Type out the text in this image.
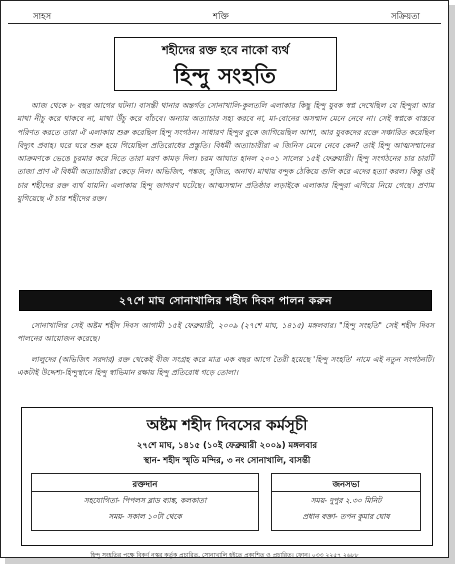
সাহস	শক্তি	সক্রিয়তা
শহীদের রক্ত হবে নাকো ব্যর্থ
হিন্দু সংহতি
আজ থেকে ৮ বছর আগের ঘটনা। বাসন্তী থানার অন্তর্গত সোনাখালি-কুলতলি এলাকার কিছু হিন্দু যুবক স্বপ্ন দেখেছিল যে হিন্দুরা আর মাথা নীচু করে থাকবে না, মাথা উঁচু করে বাঁচবে। অন্যায় অত্যাচার সহ্য করবে না, মা-বোনের অসম্মান মেনে নেবে না। সেই স্বপ্নকে বাস্তবে পরিণত করতে তারা ঐ এলাকায় শুরু করেছিল হিন্দু সংগঠন। সাধারণ হিন্দুর বুকে জাগিয়েছিল আশা, আর যুবকদের রক্তে সঞ্চারিত করেছিল বিদ্যুৎ প্রবাহ। ঘরে ঘরে শুরু হয়ে গিয়েছিল প্রতিরোধের প্রস্তুতি। বিধর্মী অত্যাচারীরা এ জিনিস মেনে নেবে কেন? তাই হিন্দু আত্মসম্মানের আক্রমণকে ভেঙে চুরমার করে দিতে তারা মরণ কামড় দিল। চরম আঘাত হানল ২০০১ সালের ১৫ই ফেব্রুয়ারী। হিন্দু সংগঠনের চার চারটি তাজা প্রাণ ঐ বিধর্মী অত্যাচারীরা কেড়ে নিল। অভিজিৎ, পঙ্কজ, সুজিত, অনাথ। মাথায় বন্দুক ঠেকিয়ে গুলি করে এদের হত্যা করল। কিন্তু ওই চার শহীদের রক্ত ব্যর্থ যায়নি। এলাকায় হিন্দু জাগরণ ঘটেছে। আত্মসম্মান প্রতিষ্ঠার লড়াইকে এলাকার হিন্দুরা এগিয়ে নিয়ে গেছে। প্রণাম যুগিয়েছে ঐ চার শহীদের রক্ত।
২৭শে মাঘ সোনাখালির শহীদ দিবস পালন করুন
সোনাখালির সেই অষ্টম শহীদ দিবস আগামী ১৫ই ফেব্রুয়ারী, ২০০৯ (২৭শে মাঘ, ১৪১৫) মঙ্গলবার। "হিন্দু সংহতি" সেই শহীদ দিবস পালনের আয়োজন করেছে।
লালুদের (অভিজিৎ সরদার) রক্ত থেকেই বীজ সংগ্রহ করে মাত্র এক বছর আগে তৈরী হয়েছে 'হিন্দু সংহতি' নামে এই নতুন সংগঠনটি। একটাই উদ্দেশ্য-হিন্দুস্থানে হিন্দু স্বাভিমান রক্ষায় হিন্দু প্রতিরোধ গড়ে তোলা।
অষ্টম শহীদ দিবসের কর্মসূচী
২৭শে মাঘ, ১৪১৫ (১০ই ফেব্রুয়ারী ২০০৯) মঙ্গলবার
স্থান- শহীদ স্মৃতি মন্দির, ৩ নং সোনাখালি, বাসন্তী
রক্তদান
সহযোগিতা- পিপলস ব্লাড ব্যাঙ্ক, কলকাতা
সময়- সকাল ১০টা থেকে
জনসভা
সময়- দুপুর ২.৩০ মিনিট
প্রধান বক্তা- তপন কুমার ঘোষ
হিন্দু সংহতির পক্ষে বিকর্ণ নস্কর কর্তৃক প্রচারিত, সোনাখালি হইতে প্রকাশিত ও প্রচারিত। ফোন। ০৩৩ ২২৫৭ ২৬৮৮
